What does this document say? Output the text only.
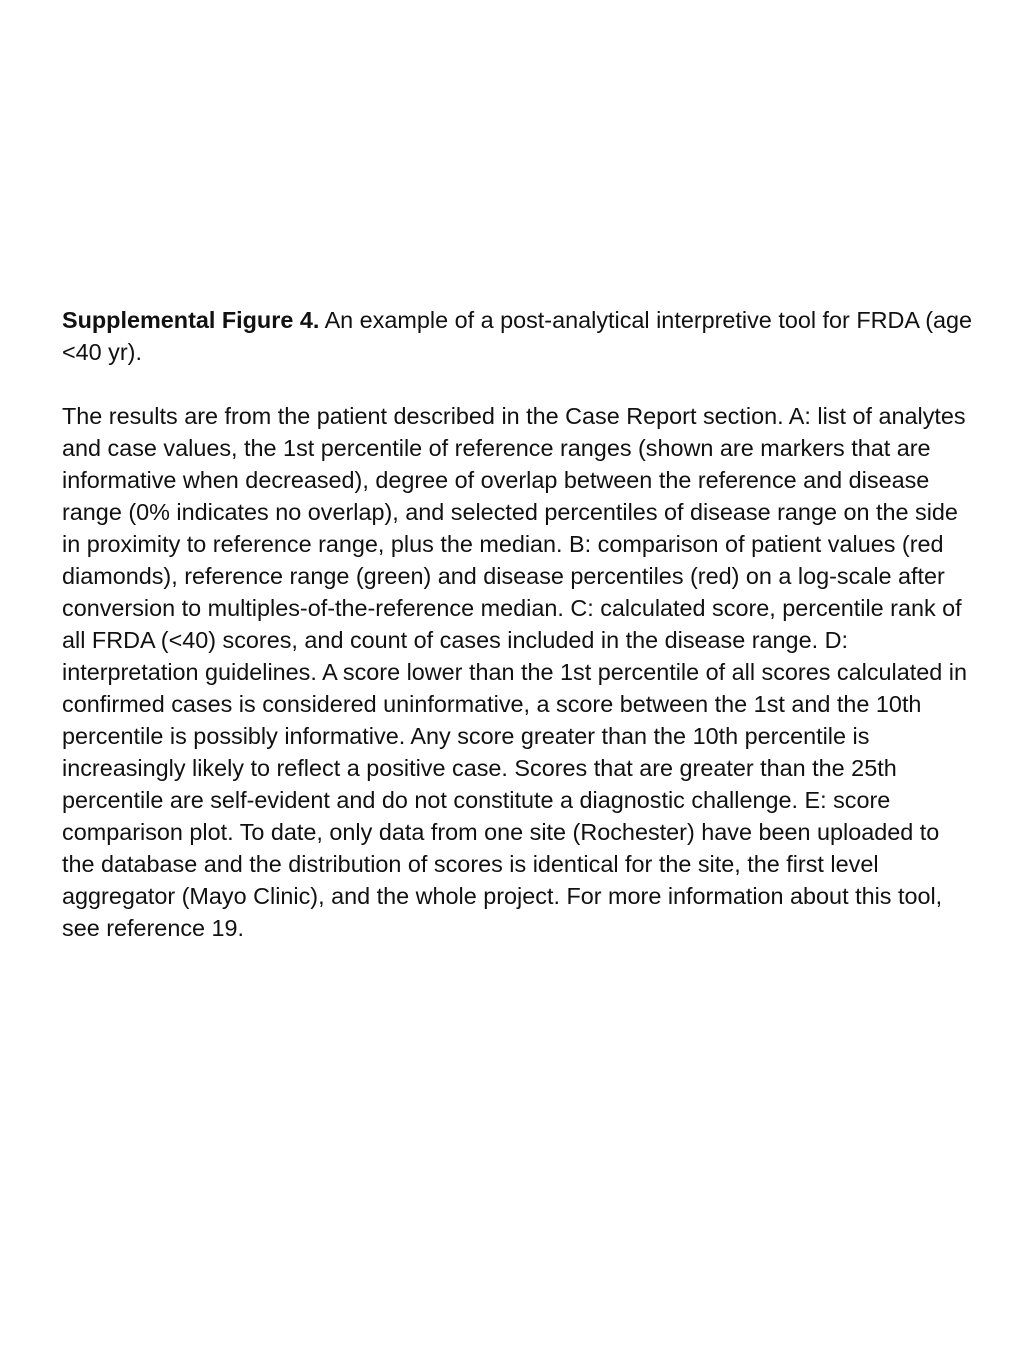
Supplemental Figure 4. An example of a post-analytical interpretive tool for FRDA (age <40 yr).

The results are from the patient described in the Case Report section. A: list of analytes and case values, the 1st percentile of reference ranges (shown are markers that are informative when decreased), degree of overlap between the reference and disease range (0% indicates no overlap), and selected percentiles of disease range on the side in proximity to reference range, plus the median. B: comparison of patient values (red diamonds), reference range (green) and disease percentiles (red) on a log-scale after conversion to multiples-of-the-reference median. C: calculated score, percentile rank of all FRDA (<40) scores, and count of cases included in the disease range. D: interpretation guidelines. A score lower than the 1st percentile of all scores calculated in confirmed cases is considered uninformative, a score between the 1st and the 10th percentile is possibly informative. Any score greater than the 10th percentile is increasingly likely to reflect a positive case. Scores that are greater than the 25th percentile are self-evident and do not constitute a diagnostic challenge. E: score comparison plot. To date, only data from one site (Rochester) have been uploaded to the database and the distribution of scores is identical for the site, the first level aggregator (Mayo Clinic), and the whole project. For more information about this tool, see reference 19.
